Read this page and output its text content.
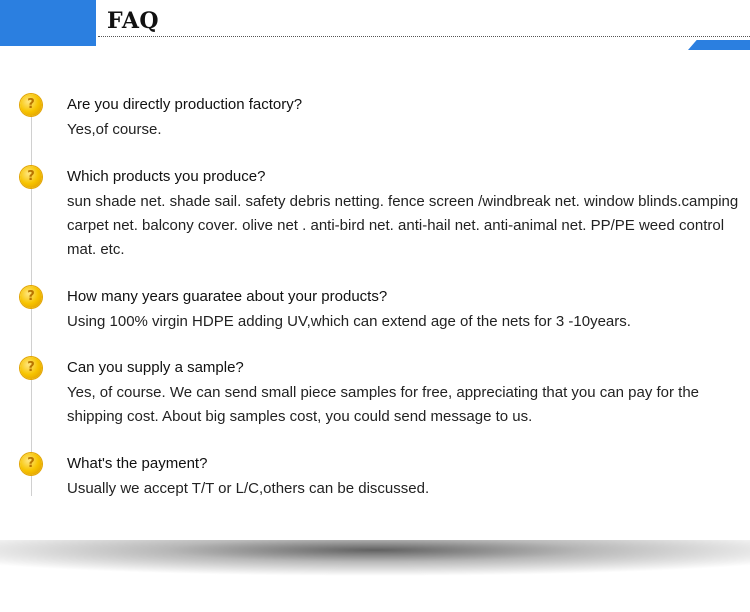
FAQ
?	Are you directly production factory?
Yes,of course.
?	Which products you produce?
sun shade net. shade sail. safety debris netting. fence screen /windbreak net. window blinds.camping carpet net. balcony cover. olive net . anti-bird net. anti-hail net. anti-animal net. PP/PE weed control mat. etc.
?	How many years guaratee about your products?
Using 100% virgin HDPE adding UV,which can extend age of the nets for 3 -10years.
?	Can you supply a sample?
Yes, of course. We can send small piece samples for free, appreciating that you can pay for the shipping cost. About big samples cost, you could send message to us.
?	What's the payment?
Usually we accept T/T or L/C,others can be discussed.
